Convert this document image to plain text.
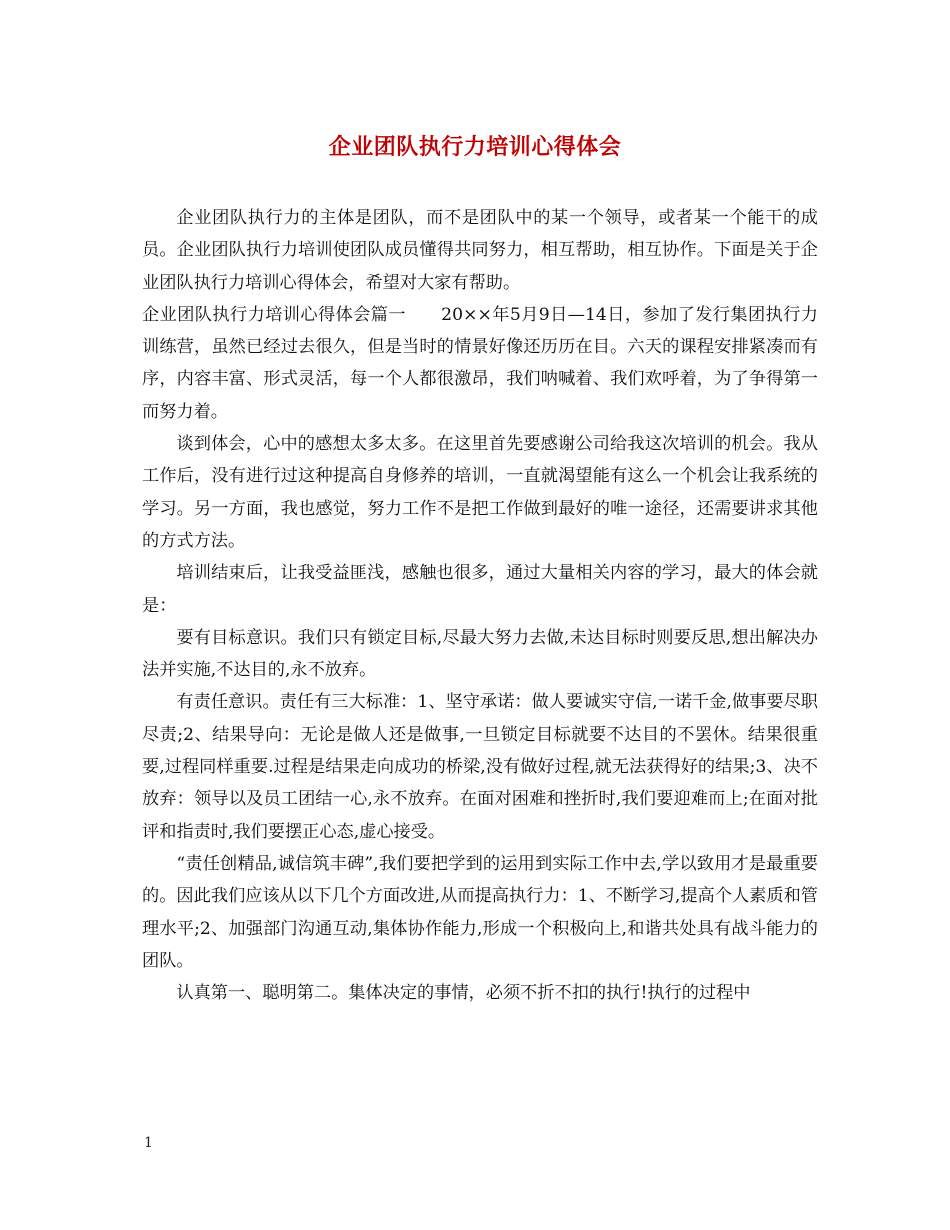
企业团队执行力培训心得体会

企业团队执行力的主体是团队，而不是团队中的某一个领导，或者某一个能干的成员。企业团队执行力培训使团队成员懂得共同努力，相互帮助，相互协作。下面是关于企业团队执行力培训心得体会，希望对大家有帮助。

企业团队执行力培训心得体会篇一　　20××年5月9日—14日，参加了发行集团执行力训练营，虽然已经过去很久，但是当时的情景好像还历历在目。六天的课程安排紧凑而有序，内容丰富、形式灵活，每一个人都很激昂，我们呐喊着、我们欢呼着，为了争得第一而努力着。

谈到体会，心中的感想太多太多。在这里首先要感谢公司给我这次培训的机会。我从工作后，没有进行过这种提高自身修养的培训，一直就渴望能有这么一个机会让我系统的学习。另一方面，我也感觉，努力工作不是把工作做到最好的唯一途径，还需要讲求其他的方式方法。

培训结束后，让我受益匪浅，感触也很多，通过大量相关内容的学习，最大的体会就是：

要有目标意识。我们只有锁定目标,尽最大努力去做,未达目标时则要反思,想出解决办法并实施,不达目的,永不放弃。

有责任意识。责任有三大标准：1、坚守承诺：做人要诚实守信,一诺千金,做事要尽职尽责;2、结果导向：无论是做人还是做事,一旦锁定目标就要不达目的不罢休。结果很重要,过程同样重要.过程是结果走向成功的桥梁,没有做好过程,就无法获得好的结果;3、决不放弃：领导以及员工团结一心,永不放弃。在面对困难和挫折时,我们要迎难而上;在面对批评和指责时,我们要摆正心态,虚心接受。

“责任创精品,诚信筑丰碑”,我们要把学到的运用到实际工作中去,学以致用才是最重要的。因此我们应该从以下几个方面改进,从而提高执行力：1、不断学习,提高个人素质和管理水平;2、加强部门沟通互动,集体协作能力,形成一个积极向上,和谐共处具有战斗能力的团队。

认真第一、聪明第二。集体决定的事情，必须不折不扣的执行!执行的过程中

1
